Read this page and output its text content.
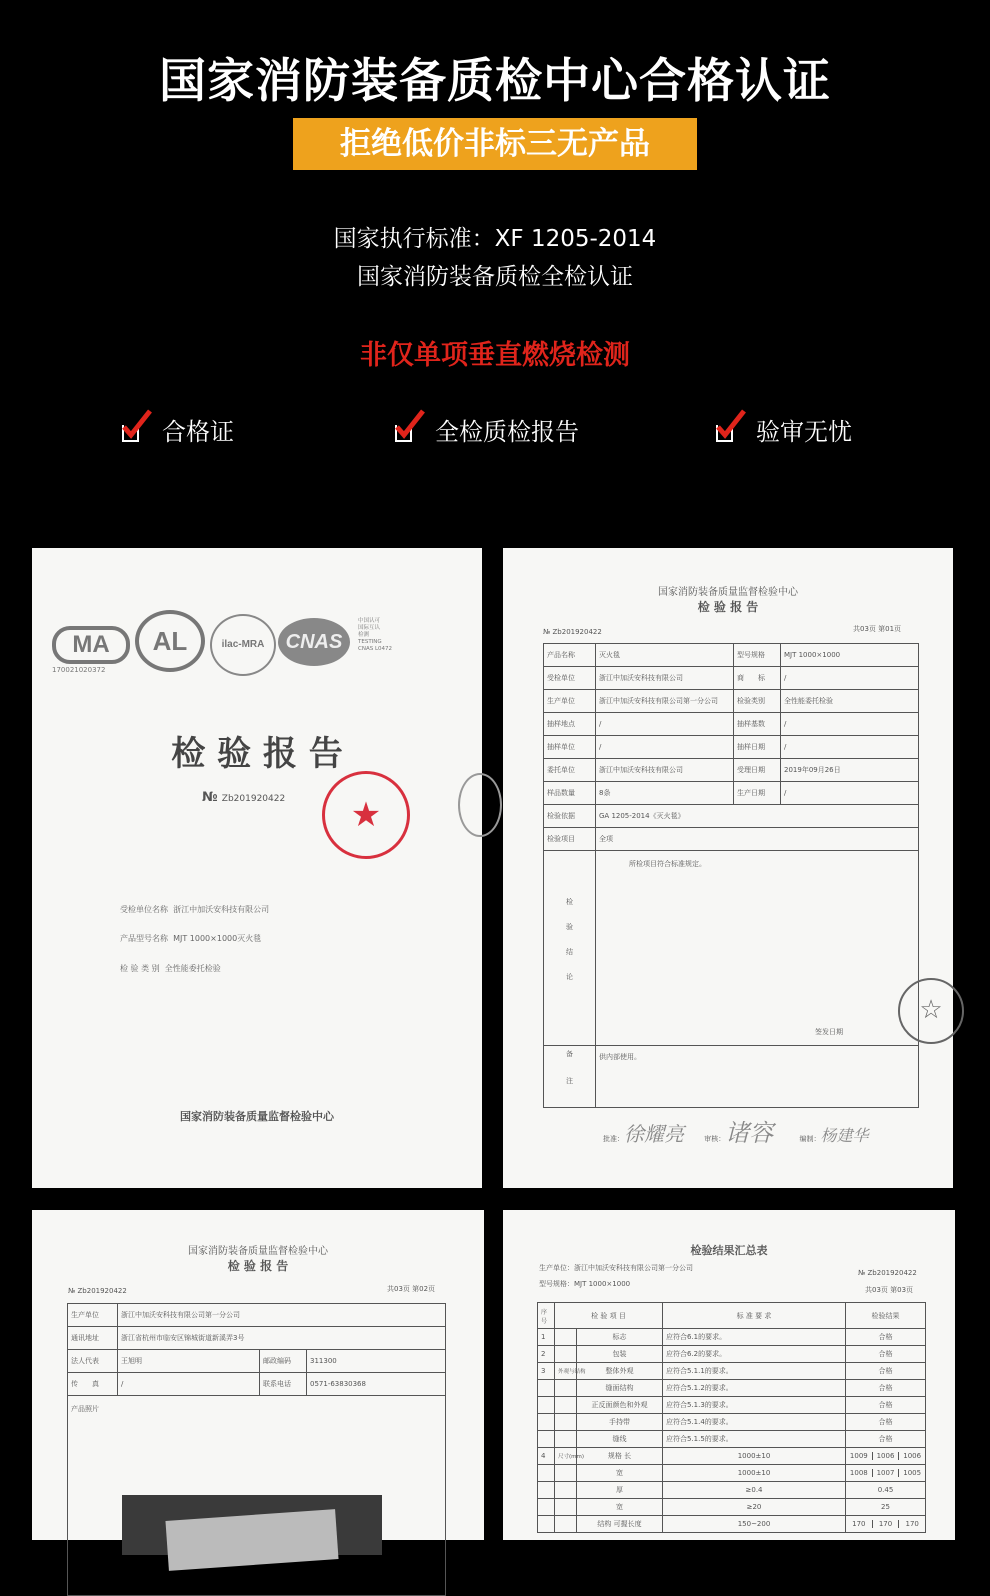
国家消防装备质检中心合格认证
拒绝低价非标三无产品
国家执行标准：XF 1205-2014
国家消防装备质检全检认证
非仅单项垂直燃烧检测
合格证	全检质检报告	验审无忧
MA	AL	ilac-MRA	CNAS
中国认可
国际互认
检测
TESTING
CNAS L0472
170021020372
检 验 报 告
№ Zb201920422	★
受检单位名称 浙江中加沃安科技有限公司
产品型号名称 MJT 1000×1000灭火毯
检 验 类 别 全性能委托检验
国家消防装备质量监督检验中心
国家消防装备质量监督检验中心
检 验 报 告
№ Zb201920422	共03页 第01页
产品名称	灭火毯	型号规格	MJT 1000×1000
受检单位	浙江中加沃安科技有限公司	商　　标	/
生产单位	浙江中加沃安科技有限公司第一分公司	检验类别	全性能委托检验
抽样地点	/	抽样基数	/
抽样单位	/	抽样日期	/
委托单位	浙江中加沃安科技有限公司	受理日期	2019年09月26日
样品数量	8条	生产日期	/
检验依据	GA 1205-2014《灭火毯》		
检验项目	全项		
检验结论	所检项目符合标准规定。
签发日期		

备注	供内部使用。		
☆
批准：徐耀亮	审核：诸容	编制：杨建华
国家消防装备质量监督检验中心
检 验 报 告
№ Zb201920422	共03页 第02页
生产单位	浙江中加沃安科技有限公司第一分公司		
通讯地址	浙江省杭州市临安区锦城街道新溪弄3号		
法人代表	王旭明	邮政编码	311300
传　　真	/	联系电话	0571-63830368
产品照片			
检验结果汇总表
生产单位：浙江中加沃安科技有限公司第一分公司
型号规格：MJT 1000×1000
№ Zb201920422
共03页 第03页
序号	检 验 项 目		标 准 要 求	检验结果
1		标志	应符合6.1的要求。	合格

2		包装	应符合6.2的要求。	合格

3	外观与结构	整体外观	应符合5.1.1的要求。	合格

		缝面结构	应符合5.1.2的要求。	合格

		正反面颜色和外观	应符合5.1.3的要求。	合格

		手持带	应符合5.1.4的要求。	合格

		缝线	应符合5.1.5的要求。	合格

4	尺寸(mm)	规格 长	1000±10	1009 1006 1006

		宽	1000±10	1008 1007 1005

		厚	≥0.4	0.45

		宽	≥20	25

		结构 可握长度	150~200	170 170 170
